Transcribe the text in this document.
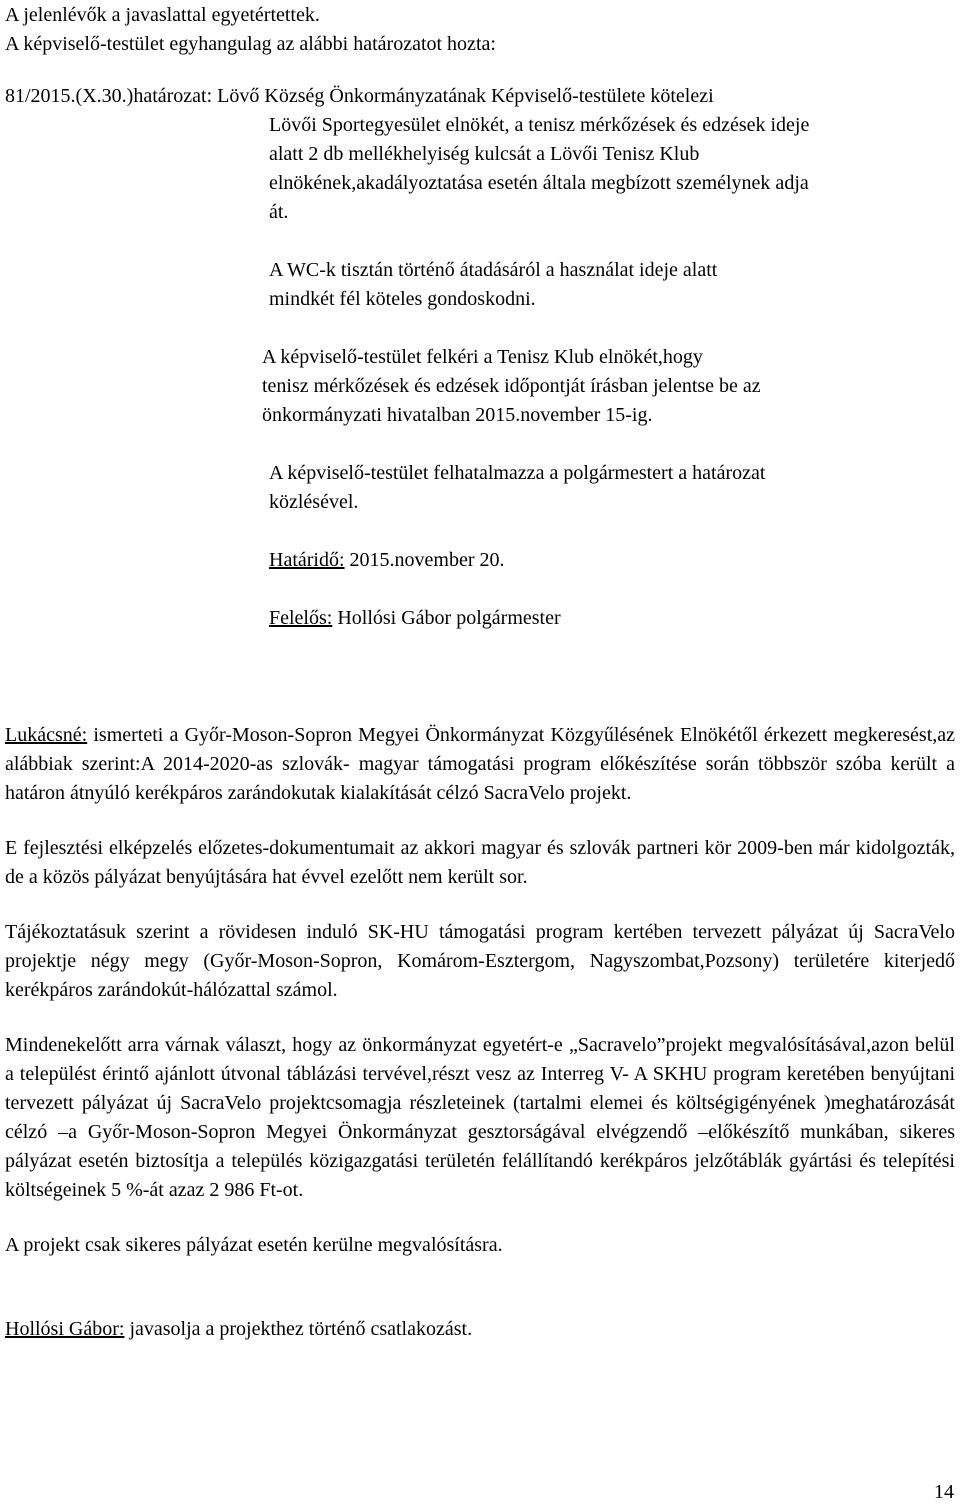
A jelenlévők a javaslattal egyetértettek.
A képviselő-testület egyhangulag az alábbi határozatot hozta:
81/2015.(X.30.)határozat: Lövő Község Önkormányzatának Képviselő-testülete kötelezi
Lövői Sportegyesület elnökét, a tenisz mérkőzések és edzések ideje
alatt 2 db mellékhelyiség kulcsát a Lövői Tenisz Klub
elnökének,akadályoztatása esetén általa megbízott személynek adja
át.
A WC-k tisztán történő átadásáról a használat ideje alatt
mindkét fél köteles gondoskodni.
A képviselő-testület felkéri a Tenisz Klub elnökét,hogy
tenisz mérkőzések és edzések időpontját írásban jelentse be az
önkormányzati hivatalban 2015.november 15-ig.
A képviselő-testület felhatalmazza a polgármestert a határozat
közlésével.
Határidő: 2015.november 20.
Felelős: Hollósi Gábor polgármester

Lukácsné: ismerteti a Győr-Moson-Sopron Megyei Önkormányzat Közgyűlésének Elnökétől érkezett megkeresést,az alábbiak szerint:A 2014-2020-as szlovák- magyar támogatási program előkészítése során többször szóba került a határon átnyúló kerékpáros zarándokutak kialakítását célzó SacraVelo projekt.

E fejlesztési elképzelés előzetes-dokumentumait az akkori magyar és szlovák partneri kör 2009-ben már kidolgozták, de a közös pályázat benyújtására hat évvel ezelőtt nem került sor.

Tájékoztatásuk szerint a rövidesen induló SK-HU támogatási program kertében tervezett pályázat új SacraVelo projektje négy megy (Győr-Moson-Sopron, Komárom-Esztergom, Nagyszombat,Pozsony) területére kiterjedő kerékpáros zarándokút-hálózattal számol.

Mindenekelőtt arra várnak választ, hogy az önkormányzat egyetért-e „Sacravelo”projekt megvalósításával,azon belül a települést érintő ajánlott útvonal táblázási tervével,részt vesz az Interreg V- A SKHU program keretében benyújtani tervezett pályázat új SacraVelo projektcsomagja részleteinek (tartalmi elemei és költségigényének )meghatározását célzó –a Győr-Moson-Sopron Megyei Önkormányzat gesztorságával elvégzendő –előkészítő munkában, sikeres pályázat esetén biztosítja a település közigazgatási területén felállítandó kerékpáros jelzőtáblák gyártási és telepítési költségeinek 5 %-át azaz 2 986 Ft-ot.

A projekt csak sikeres pályázat esetén kerülne megvalósításra.

Hollósi Gábor: javasolja a projekthez történő csatlakozást.

14
